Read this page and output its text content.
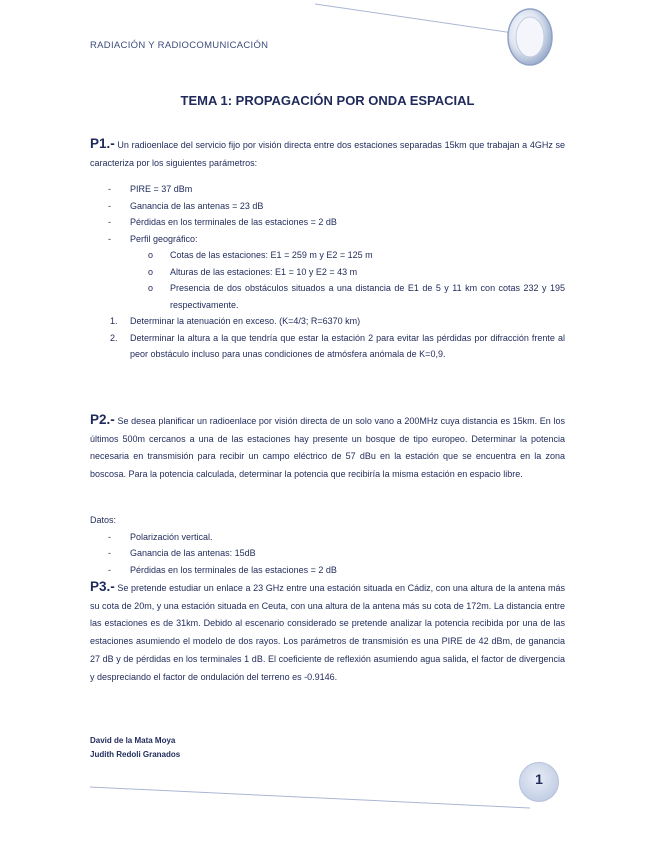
RADIACIÓN Y RADIOCOMUNICACIÓN
TEMA 1: PROPAGACIÓN POR ONDA ESPACIAL

P1.- Un radioenlace del servicio fijo por visión directa entre dos estaciones separadas 15km que trabajan a 4GHz se caracteriza por los siguientes parámetros:

- PIRE = 37 dBm
- Ganancia de las antenas = 23 dB
- Pérdidas en los terminales de las estaciones = 2 dB
- Perfil geográfico:
o Cotas de las estaciones: E1 = 259 m y E2 = 125 m
o Alturas de las estaciones: E1 = 10 y E2 = 43 m
o Presencia de dos obstáculos situados a una distancia de E1 de 5 y 11 km con cotas 232 y 195 respectivamente.
1. Determinar la atenuación en exceso. (K=4/3; R=6370 km)
2. Determinar la altura a la que tendría que estar la estación 2 para evitar las pérdidas por difracción frente al peor obstáculo incluso para unas condiciones de atmósfera anómala de K=0,9.

P2.- Se desea planificar un radioenlace por visión directa de un solo vano a 200MHz cuya distancia es 15km. En los últimos 500m cercanos a una de las estaciones hay presente un bosque de tipo europeo. Determinar la potencia necesaria en transmisión para recibir un campo eléctrico de 57 dBu en la estación que se encuentra en la zona boscosa. Para la potencia calculada, determinar la potencia que recibiría la misma estación en espacio libre.

Datos:
- Polarización vertical.
- Ganancia de las antenas: 15dB
- Pérdidas en los terminales de las estaciones = 2 dB

P3.- Se pretende estudiar un enlace a 23 GHz entre una estación situada en Cádiz, con una altura de la antena más su cota de 20m, y una estación situada en Ceuta, con una altura de la antena más su cota de 172m. La distancia entre las estaciones es de 31km. Debido al escenario considerado se pretende analizar la potencia recibida por una de las estaciones asumiendo el modelo de dos rayos. Los parámetros de transmisión es una PIRE de 42 dBm, de ganancia 27 dB y de pérdidas en los terminales 1 dB. El coeficiente de reflexión asumiendo agua salida, el factor de divergencia y despreciando el factor de ondulación del terreno es -0.9146.

David de la Mata Moya
Judith Redoli Granados
1
